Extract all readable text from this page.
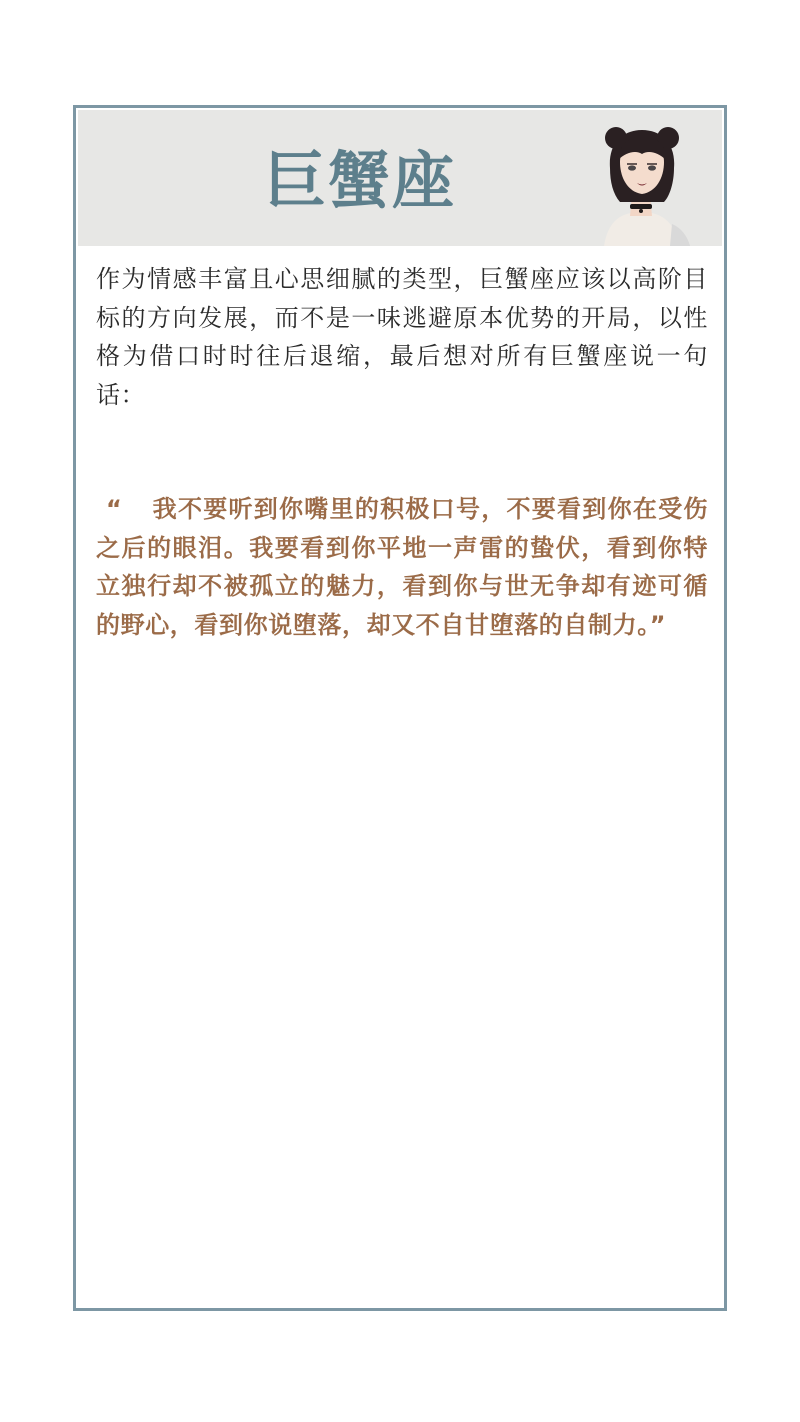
巨蟹座

作为情感丰富且心思细腻的类型，巨蟹座应该以高阶目标的方向发展，而不是一味逃避原本优势的开局，以性格为借口时时往后退缩，最后想对所有巨蟹座说一句话：

“ 我不要听到你嘴里的积极口号，不要看到你在受伤之后的眼泪。我要看到你平地一声雷的蛰伏，看到你特立独行却不被孤立的魅力，看到你与世无争却有迹可循的野心，看到你说堕落，却又不自甘堕落的自制力。”
